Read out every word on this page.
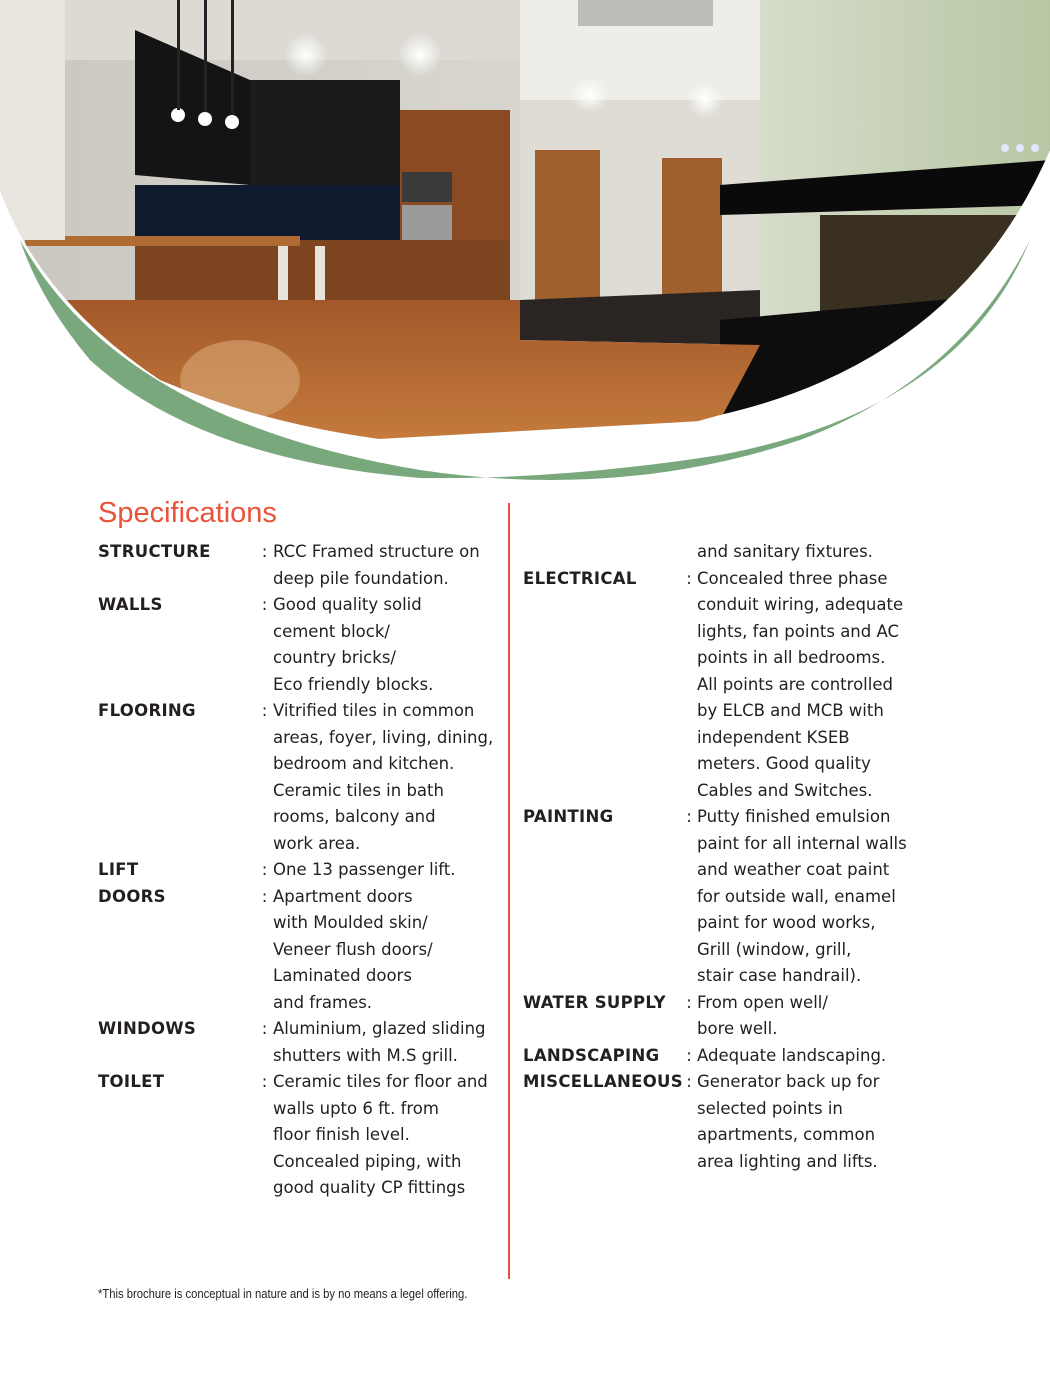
Specifications
STRUCTURE	: RCC Framed structure on
deep pile foundation.
WALLS	: Good quality solid
cement block/
country bricks/
Eco friendly blocks.
FLOORING	: Vitrified tiles in common
areas, foyer, living, dining,
bedroom and kitchen.
Ceramic tiles in bath
rooms, balcony and
work area.
LIFT	: One 13 passenger lift.
DOORS	: Apartment doors
with Moulded skin/
Veneer flush doors/
Laminated doors
and frames.
WINDOWS	: Aluminium, glazed sliding
shutters with M.S grill.
TOILET	: Ceramic tiles for floor and
walls upto 6 ft. from
floor finish level.
Concealed piping, with
good quality CP fittings
and sanitary fixtures.
ELECTRICAL	: Concealed three phase
conduit wiring, adequate
lights, fan points and AC
points in all bedrooms.
All points are controlled
by ELCB and MCB with
independent KSEB
meters. Good quality
Cables and Switches.
PAINTING	: Putty finished emulsion
paint for all internal walls
and weather coat paint
for outside wall, enamel
paint for wood works,
Grill (window, grill,
stair case handrail).
WATER SUPPLY	: From open well/
bore well.
LANDSCAPING	: Adequate landscaping.
MISCELLANEOUS : Generator back up for
selected points in
apartments, common
area lighting and lifts.
*This brochure is conceptual in nature and is by no means a legel offering.
